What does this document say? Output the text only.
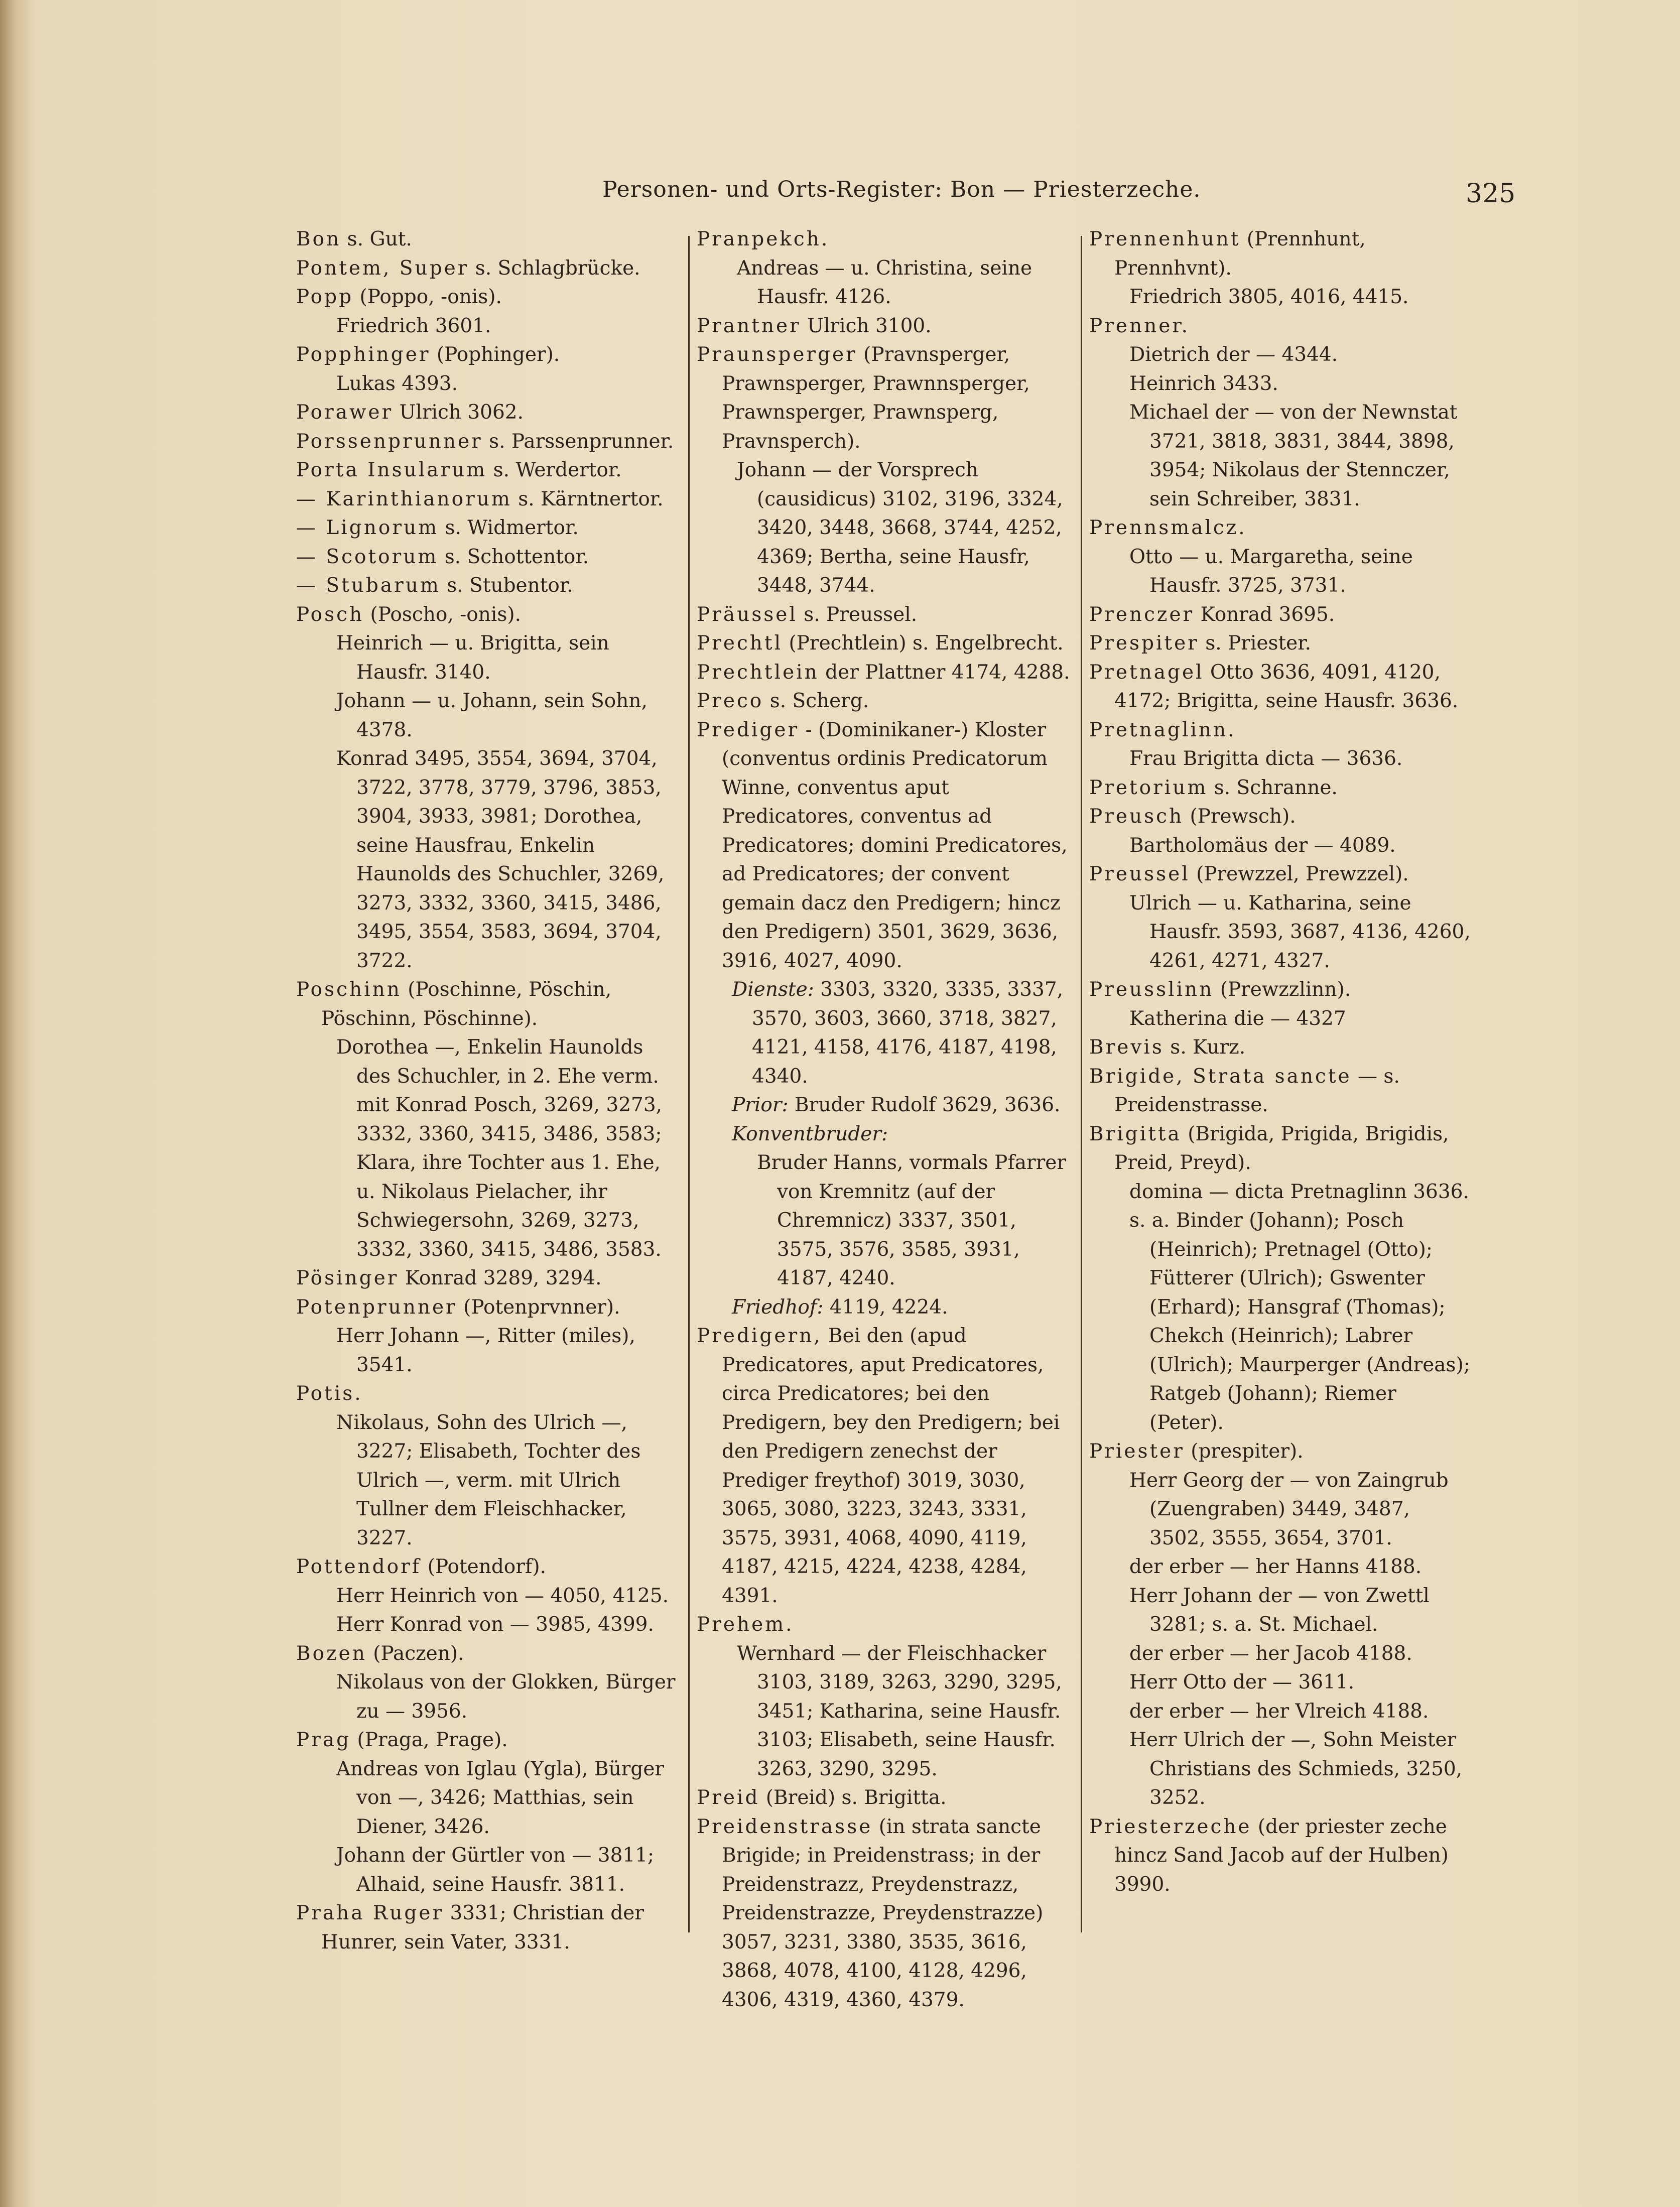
Personen- und Orts-Register: Bon — Priesterzeche.	325
Bon s. Gut.
Pontem, Super s. Schlagbrücke.
Popp (Poppo, -onis).
Friedrich 3601.
Popphinger (Pophinger).
Lukas 4393.
Porawer Ulrich 3062.
Porssenprunner s. Parssenprunner.
Porta Insularum s. Werdertor.
— Karinthianorum s. Kärntnertor.
— Lignorum s. Widmertor.
— Scotorum s. Schottentor.
— Stubarum s. Stubentor.
Posch (Poscho, -onis).
Heinrich — u. Brigitta, sein Hausfr. 3140.
Johann — u. Johann, sein Sohn, 4378.
Konrad 3495, 3554, 3694, 3704, 3722, 3778, 3779, 3796, 3853, 3904, 3933, 3981; Dorothea, seine Hausfrau, Enkelin Haunolds des Schuchler, 3269, 3273, 3332, 3360, 3415, 3486, 3495, 3554, 3583, 3694, 3704, 3722.
Poschinn (Poschinne, Pöschin, Pöschinn, Pöschinne).
Dorothea —, Enkelin Haunolds des Schuchler, in 2. Ehe verm. mit Konrad Posch, 3269, 3273, 3332, 3360, 3415, 3486, 3583; Klara, ihre Tochter aus 1. Ehe, u. Nikolaus Pielacher, ihr Schwiegersohn, 3269, 3273, 3332, 3360, 3415, 3486, 3583.
Pösinger Konrad 3289, 3294.
Potenprunner (Potenprvnner).
Herr Johann —, Ritter (miles), 3541.
Potis.
Nikolaus, Sohn des Ulrich —, 3227; Elisabeth, Tochter des Ulrich —, verm. mit Ulrich Tullner dem Fleischhacker, 3227.
Pottendorf (Potendorf).
Herr Heinrich von — 4050, 4125.
Herr Konrad von — 3985, 4399.
Bozen (Paczen).
Nikolaus von der Glokken, Bürger zu — 3956.
Prag (Praga, Prage).
Andreas von Iglau (Ygla), Bürger von —, 3426; Matthias, sein Diener, 3426.
Johann der Gürtler von — 3811; Alhaid, seine Hausfr. 3811.
Praha Ruger 3331; Christian der Hunrer, sein Vater, 3331.
Pranpekch.
Andreas — u. Christina, seine Hausfr. 4126.
Prantner Ulrich 3100.
Praunsperger (Pravnsperger, Prawnsperger, Prawnnsperger, Prawnsperger, Prawnsperg, Pravnsperch).
Johann — der Vorsprech (causidicus) 3102, 3196, 3324, 3420, 3448, 3668, 3744, 4252, 4369; Bertha, seine Hausfr, 3448, 3744.
Präussel s. Preussel.
Prechtl (Prechtlein) s. Engelbrecht.
Prechtlein der Plattner 4174, 4288.
Preco s. Scherg.
Prediger - (Dominikaner-) Kloster (conventus ordinis Predicatorum Winne, conventus aput Predicatores, conventus ad Predicatores; domini Predicatores, ad Predicatores; der convent gemain dacz den Predigern; hincz den Predigern) 3501, 3629, 3636, 3916, 4027, 4090.
Dienste: 3303, 3320, 3335, 3337, 3570, 3603, 3660, 3718, 3827, 4121, 4158, 4176, 4187, 4198, 4340.
Prior: Bruder Rudolf 3629, 3636.
Konventbruder:
Bruder Hanns, vormals Pfarrer von Kremnitz (auf der Chremnicz) 3337, 3501, 3575, 3576, 3585, 3931, 4187, 4240.
Friedhof: 4119, 4224.
Predigern, Bei den (apud Predicatores, aput Predicatores, circa Predicatores; bei den Predigern, bey den Predigern; bei den Predigern zenechst der Prediger freythof) 3019, 3030, 3065, 3080, 3223, 3243, 3331, 3575, 3931, 4068, 4090, 4119, 4187, 4215, 4224, 4238, 4284, 4391.
Prehem.
Wernhard — der Fleischhacker 3103, 3189, 3263, 3290, 3295, 3451; Katharina, seine Hausfr. 3103; Elisabeth, seine Hausfr. 3263, 3290, 3295.
Preid (Breid) s. Brigitta.
Preidenstrasse (in strata sancte Brigide; in Preidenstrass; in der Preidenstrazz, Preydenstrazz, Preidenstrazze, Preydenstrazze) 3057, 3231, 3380, 3535, 3616, 3868, 4078, 4100, 4128, 4296, 4306, 4319, 4360, 4379.
Prennenhunt (Prennhunt, Prennhvnt).
Friedrich 3805, 4016, 4415.
Prenner.
Dietrich der — 4344.
Heinrich 3433.
Michael der — von der Newnstat 3721, 3818, 3831, 3844, 3898, 3954; Nikolaus der Stennczer, sein Schreiber, 3831.
Prennsmalcz.
Otto — u. Margaretha, seine Hausfr. 3725, 3731.
Prenczer Konrad 3695.
Prespiter s. Priester.
Pretnagel Otto 3636, 4091, 4120, 4172; Brigitta, seine Hausfr. 3636.
Pretnaglinn.
Frau Brigitta dicta — 3636.
Pretorium s. Schranne.
Preusch (Prewsch).
Bartholomäus der — 4089.
Preussel (Prewzzel, Prewzzel).
Ulrich — u. Katharina, seine Hausfr. 3593, 3687, 4136, 4260, 4261, 4271, 4327.
Preusslinn (Prewzzlinn).
Katherina die — 4327
Brevis s. Kurz.
Brigide, Strata sancte — s. Preidenstrasse.
Brigitta (Brigida, Prigida, Brigidis, Preid, Preyd).
domina — dicta Pretnaglinn 3636.
s. a. Binder (Johann); Posch (Heinrich); Pretnagel (Otto); Fütterer (Ulrich); Gswenter (Erhard); Hansgraf (Thomas); Chekch (Heinrich); Labrer (Ulrich); Maurperger (Andreas); Ratgeb (Johann); Riemer (Peter).
Priester (prespiter).
Herr Georg der — von Zaingrub (Zuengraben) 3449, 3487, 3502, 3555, 3654, 3701.
der erber — her Hanns 4188.
Herr Johann der — von Zwettl 3281; s. a. St. Michael.
der erber — her Jacob 4188.
Herr Otto der — 3611.
der erber — her Vlreich 4188.
Herr Ulrich der —, Sohn Meister Christians des Schmieds, 3250, 3252.
Priesterzeche (der priester zeche hincz Sand Jacob auf der Hulben) 3990.
